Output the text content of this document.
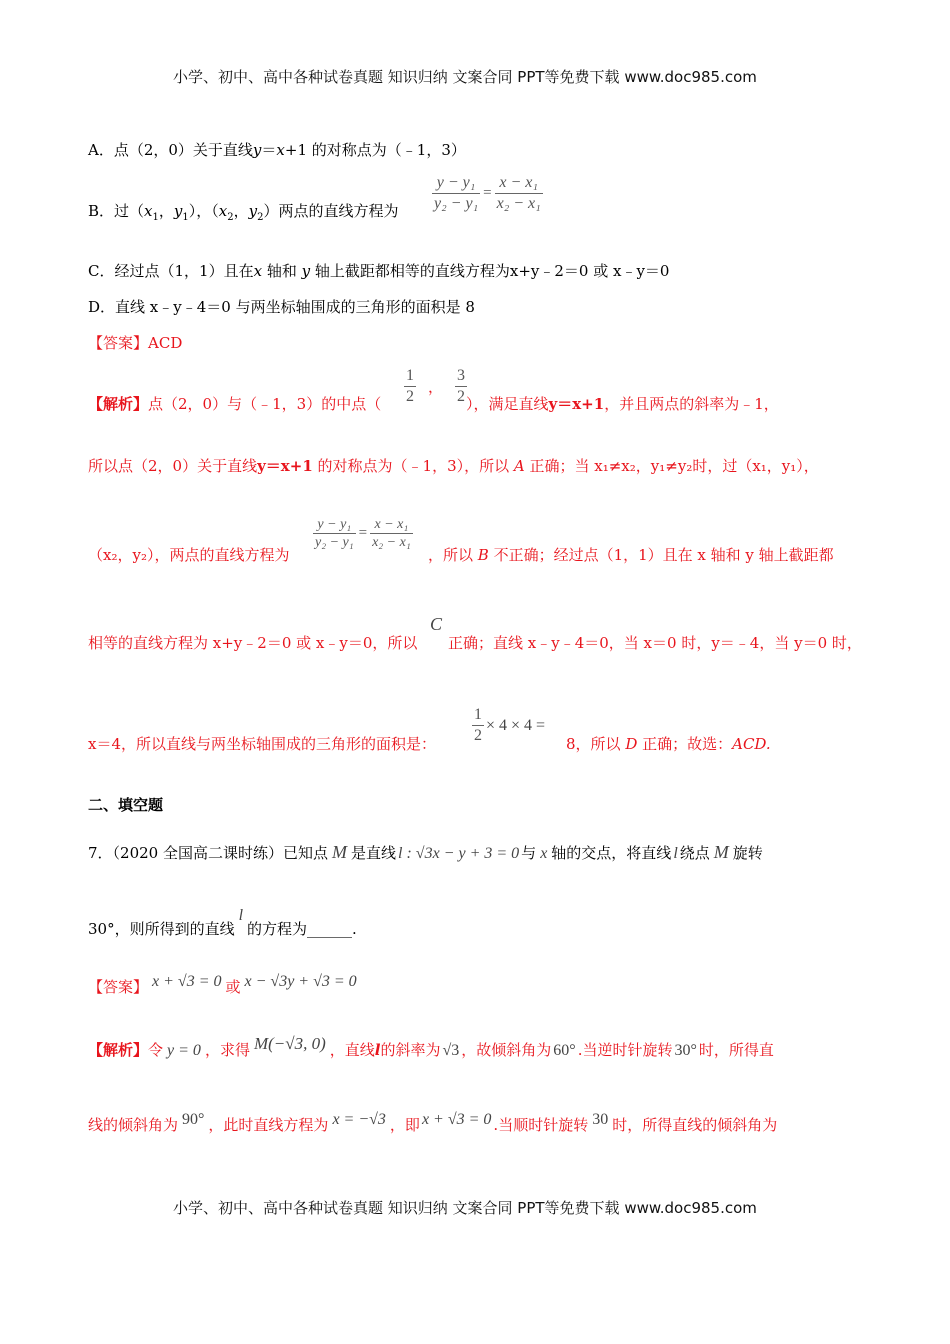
小学、初中、高中各种试卷真题 知识归纳 文案合同 PPT等免费下载 www.doc985.com
A．点（2，0）关于直线y＝x+1 的对称点为（﹣1，3）
B．过（$x_1$，$y_1$），（$x_2$，$y_2$）两点的直线方程为 $\frac{\text{y − y₁}}{\text{y₂ − y₁}} = \frac{\text{x − x₁}}{\text{x₂ − x₁}}$
C．经过点（1，1）且在x 轴和 y 轴上截距都相等的直线方程为x+y﹣2＝0 或 x﹣y＝0
D．直线 x﹣y﹣4＝0 与两坐标轴围成的三角形的面积是 8
【答案】ACD
【解析】点（2，0）与（﹣1，3）的中点（ $\frac{1}{2}$ ， $\frac{3}{2}$
），满足直线y＝x+1，并且两点的斜率为﹣1，
所以点（2，0）关于直线y＝x+1 的对称点为（﹣1，3），所以 A 正确；当 x₁≠x₂，y₁≠y₂时，过（x₁，y₁），
（x₂，y₂），两点的直线方程为
$\frac{\text{y − y₁}}{\text{y₂ − y₁}} = \frac{\text{x − x₁}}{\text{x₂ − x₁}}$
，所以 B 不正确；经过点（1，1）且在 x 轴和 y 轴上截距都
相等的直线方程为 x+y﹣2＝0 或 x﹣y＝0，所以
C
正确；直线 x﹣y﹣4＝0，当 x＝0 时，y＝﹣4，当 y＝0 时，
x＝4，所以直线与两坐标轴围成的三角形的面积是： $\frac{1}{2} \times 4 \times 4$ =
8，所以 D 正确；故选：ACD.
二、填空题
7．（2020 全国高二课时练）已知点 M 是直线 l : √3x − y + 3 = 0 与 x 轴的交点，将直线 l 绕点 M 旋转
30°，则所得到的直线l的方程为______.
【答案】 x + √3 = 0 或 x − √3y + √3 = 0
【解析】令 y = 0 ，求得 M(−√3, 0) ，直线l的斜率为 √3 ，故倾斜角为 60° .当逆时针旋转 30° 时，所得直
线的倾斜角为 90° ，此时直线方程为 x = −√3 ，即 x + √3 = 0 .当顺时针旋转 30 时，所得直线的倾斜角为
小学、初中、高中各种试卷真题 知识归纳 文案合同 PPT等免费下载 www.doc985.com
